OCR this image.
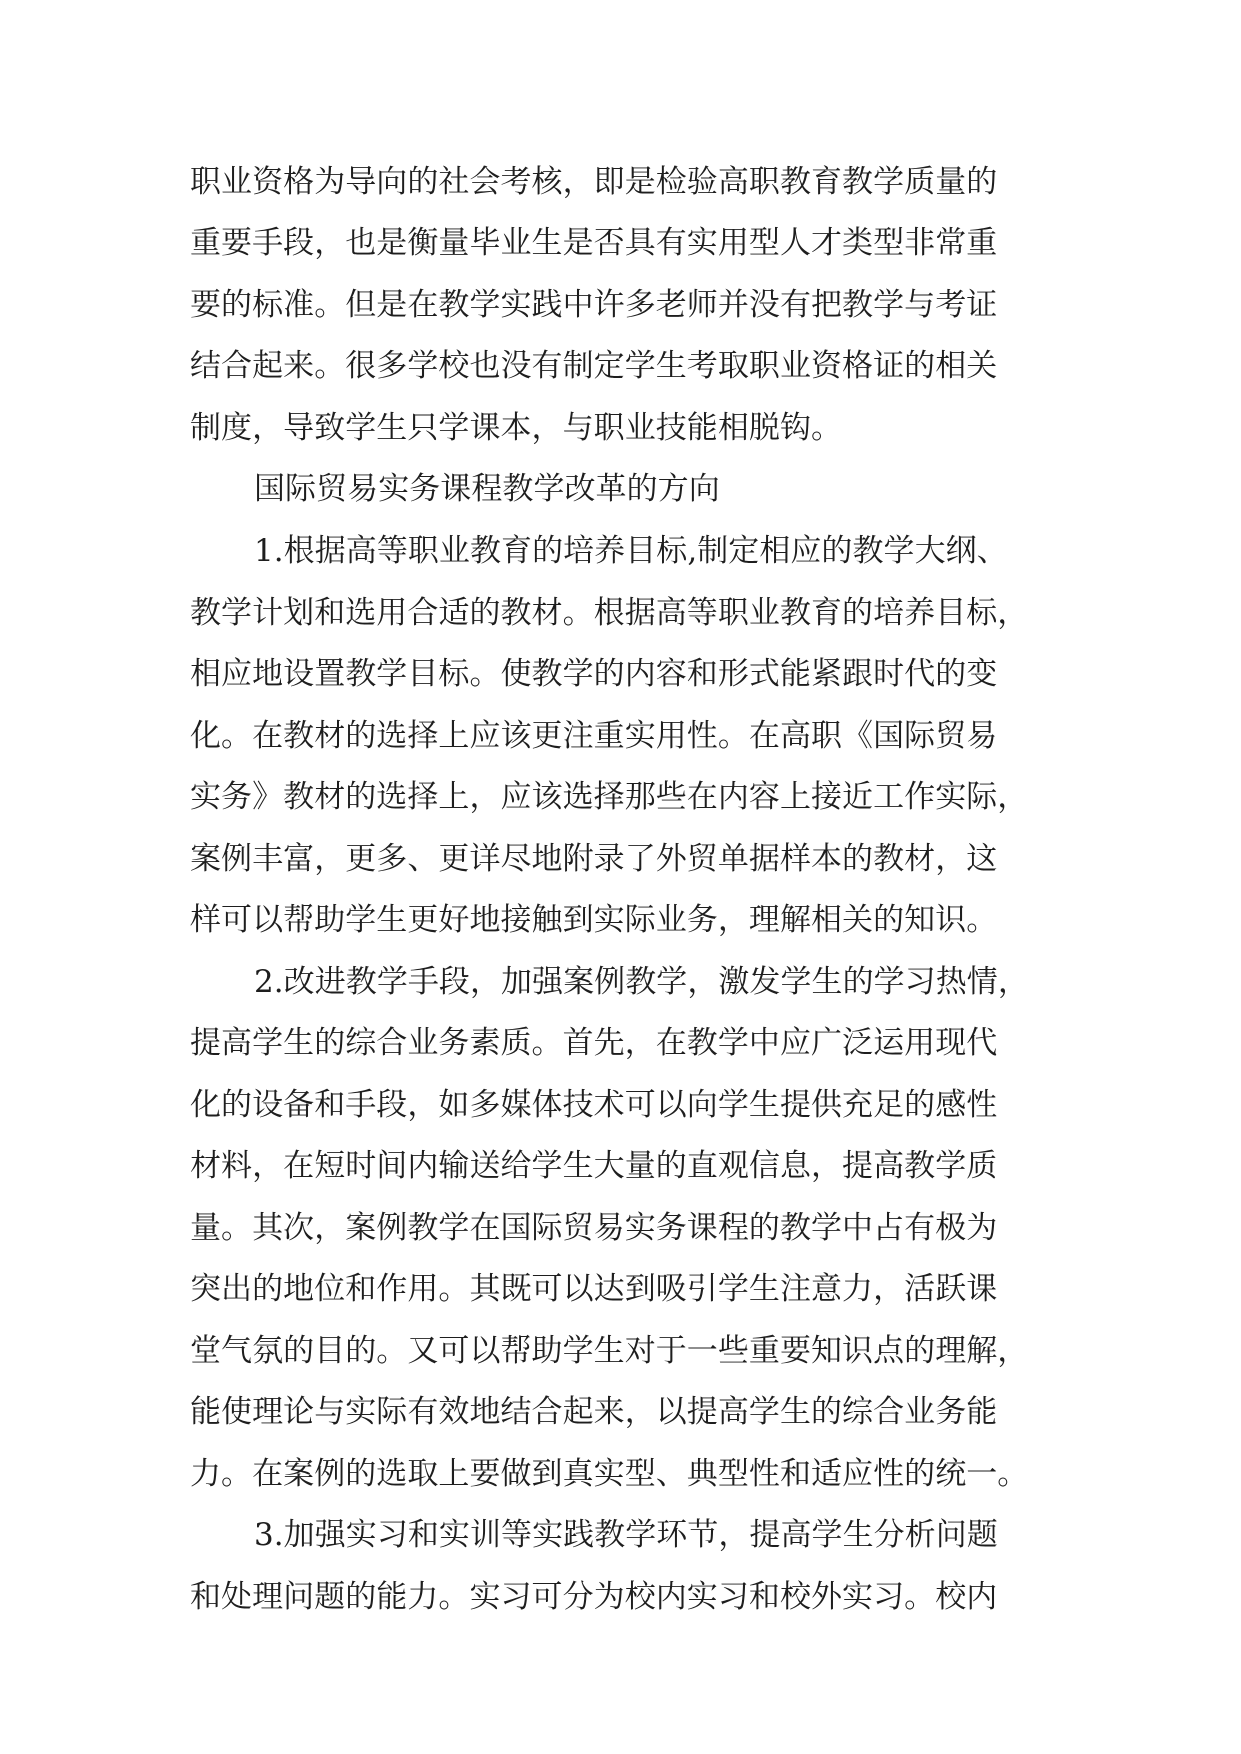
职业资格为导向的社会考核，即是检验高职教育教学质量的

重要手段，也是衡量毕业生是否具有实用型人才类型非常重

要的标准。但是在教学实践中许多老师并没有把教学与考证

结合起来。很多学校也没有制定学生考取职业资格证的相关

制度，导致学生只学课本，与职业技能相脱钩。

国际贸易实务课程教学改革的方向

1.根据高等职业教育的培养目标,制定相应的教学大纲、

教学计划和选用合适的教材。根据高等职业教育的培养目标，

相应地设置教学目标。使教学的内容和形式能紧跟时代的变

化。在教材的选择上应该更注重实用性。在高职《国际贸易

实务》教材的选择上，应该选择那些在内容上接近工作实际，

案例丰富，更多、更详尽地附录了外贸单据样本的教材，这

样可以帮助学生更好地接触到实际业务，理解相关的知识。

2.改进教学手段，加强案例教学，激发学生的学习热情，

提高学生的综合业务素质。首先，在教学中应广泛运用现代

化的设备和手段，如多媒体技术可以向学生提供充足的感性

材料，在短时间内输送给学生大量的直观信息，提高教学质

量。其次，案例教学在国际贸易实务课程的教学中占有极为

突出的地位和作用。其既可以达到吸引学生注意力，活跃课

堂气氛的目的。又可以帮助学生对于一些重要知识点的理解，

能使理论与实际有效地结合起来，以提高学生的综合业务能

力。在案例的选取上要做到真实型、典型性和适应性的统一。

3.加强实习和实训等实践教学环节，提高学生分析问题

和处理问题的能力。实习可分为校内实习和校外实习。校内
